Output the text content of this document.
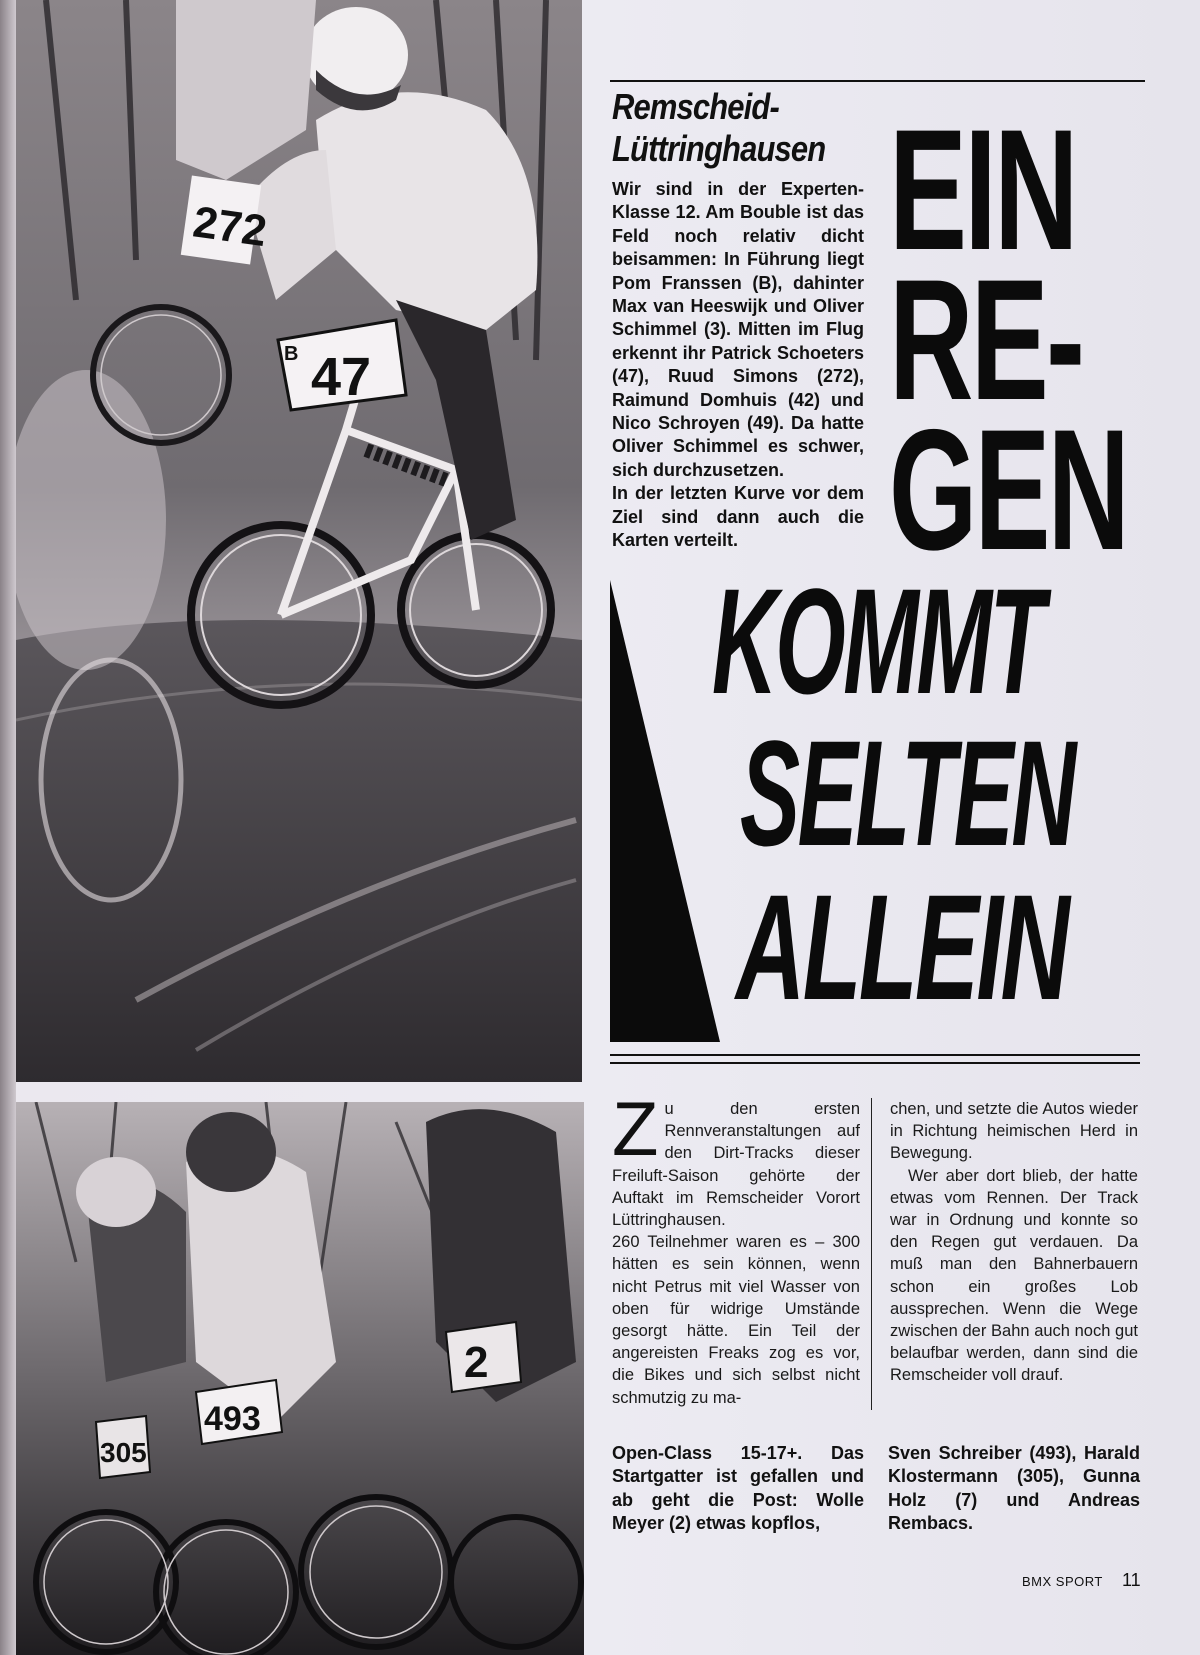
272
B 47
493
305
2
Remscheid-
Lüttringhausen

Wir sind in der Experten-Klasse 12. Am Bouble ist das Feld noch relativ dicht beisammen: In Führung liegt Pom Franssen (B), dahinter Max van Heeswijk und Oliver Schimmel (3). Mitten im Flug erkennt ihr Patrick Schoeters (47), Ruud Simons (272), Raimund Domhuis (42) und Nico Schroyen (49). Da hatte Oliver Schimmel es schwer, sich durchzusetzen.

In der letzten Kurve vor dem Ziel sind dann auch die Karten verteilt.

EIN
RE-
GEN
KOMMT
SELTEN
ALLEIN

Z u den ersten Rennveranstaltungen auf den Dirt-Tracks dieser Freiluft-Saison gehörte der Auftakt im Remscheider Vorort Lüttringhausen.

260 Teilnehmer waren es – 300 hätten es sein können, wenn nicht Petrus mit viel Wasser von oben für widrige Umstände gesorgt hätte. Ein Teil der angereisten Freaks zog es vor, die Bikes und sich selbst nicht schmutzig zu ma-

chen, und setzte die Autos wieder in Richtung heimischen Herd in Bewegung.

Wer aber dort blieb, der hatte etwas vom Rennen. Der Track war in Ordnung und konnte so den Regen gut verdauen. Da muß man den Bahnerbauern schon ein großes Lob aussprechen. Wenn die Wege zwischen der Bahn auch noch gut belaufbar werden, dann sind die Remscheider voll drauf.

Open-Class 15-17+. Das Startgatter ist gefallen und ab geht die Post: Wolle Meyer (2) etwas kopflos,
Sven Schreiber (493), Harald Klostermann (305), Gunna Holz (7) und Andreas Rembacs.
BMX SPORT 11
